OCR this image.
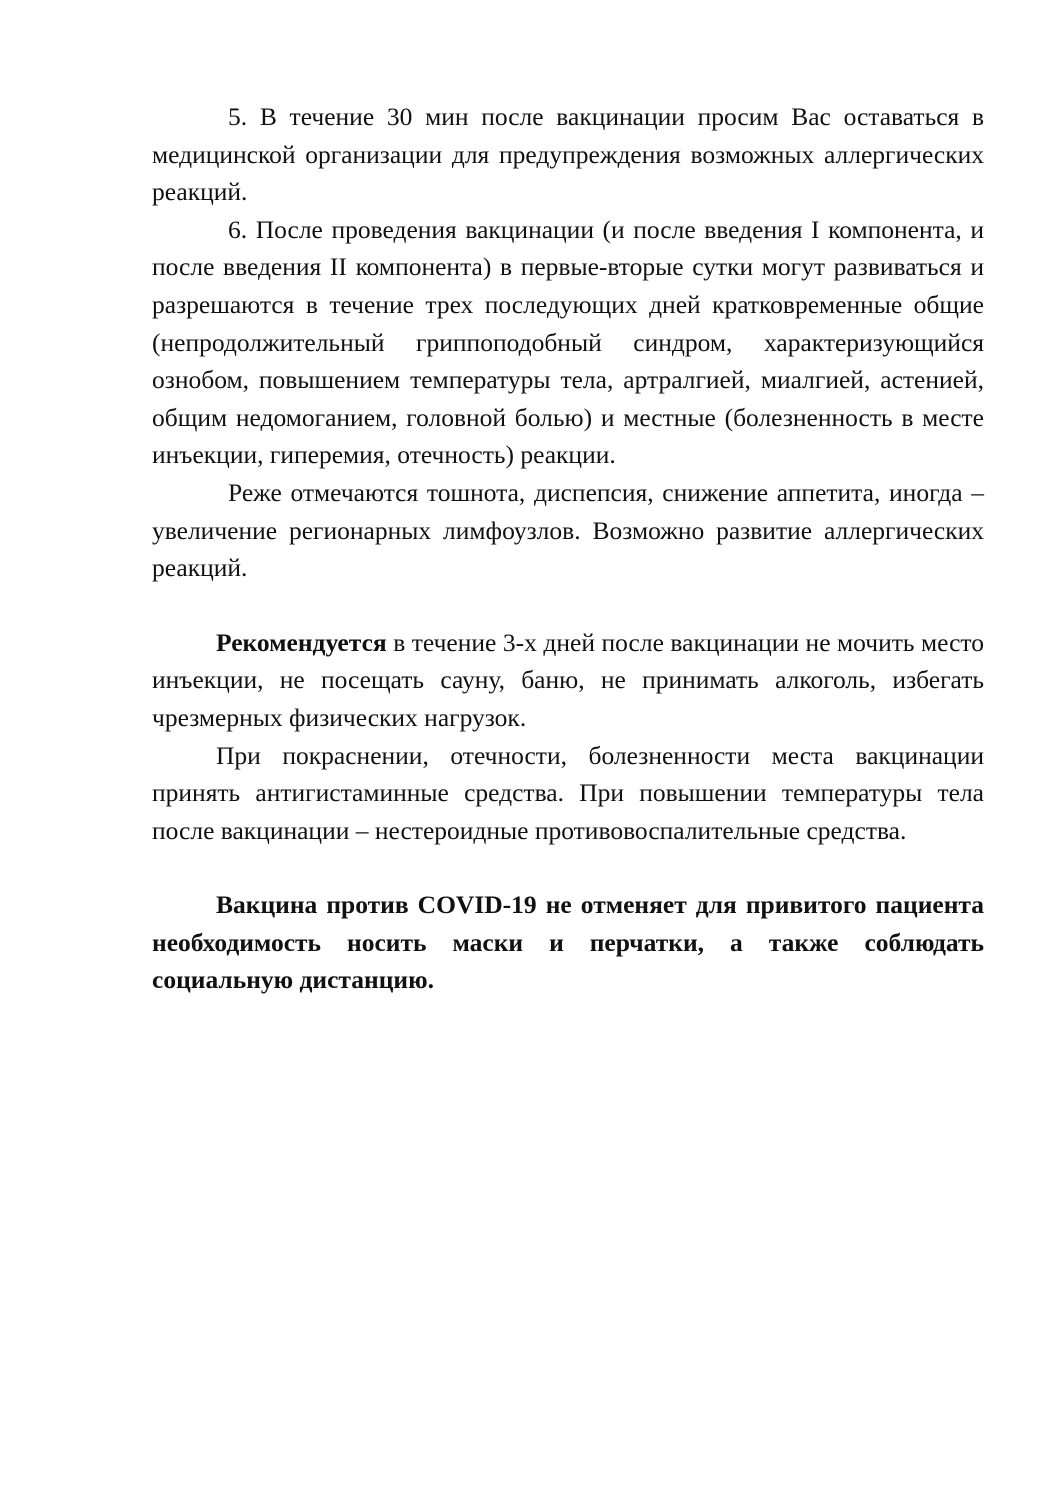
5. В течение 30 мин после вакцинации просим Вас оставаться в медицинской организации для предупреждения возможных аллергических реакций.

6. После проведения вакцинации (и после введения I компонента, и после введения II компонента) в первые-вторые сутки могут развиваться и разрешаются в течение трех последующих дней кратковременные общие (непродолжительный гриппоподобный синдром, характеризующийся ознобом, повышением температуры тела, артралгией, миалгией, астенией, общим недомоганием, головной болью) и местные (болезненность в месте инъекции, гиперемия, отечность) реакции.

Реже отмечаются тошнота, диспепсия, снижение аппетита, иногда – увеличение регионарных лимфоузлов. Возможно развитие аллергических реакций.

Рекомендуется в течение 3-х дней после вакцинации не мочить место инъекции, не посещать сауну, баню, не принимать алкоголь, избегать чрезмерных физических нагрузок.

При покраснении, отечности, болезненности места вакцинации принять антигистаминные средства. При повышении температуры тела после вакцинации – нестероидные противовоспалительные средства.

Вакцина против COVID-19 не отменяет для привитого пациента необходимость носить маски и перчатки, а также соблюдать социальную дистанцию.
